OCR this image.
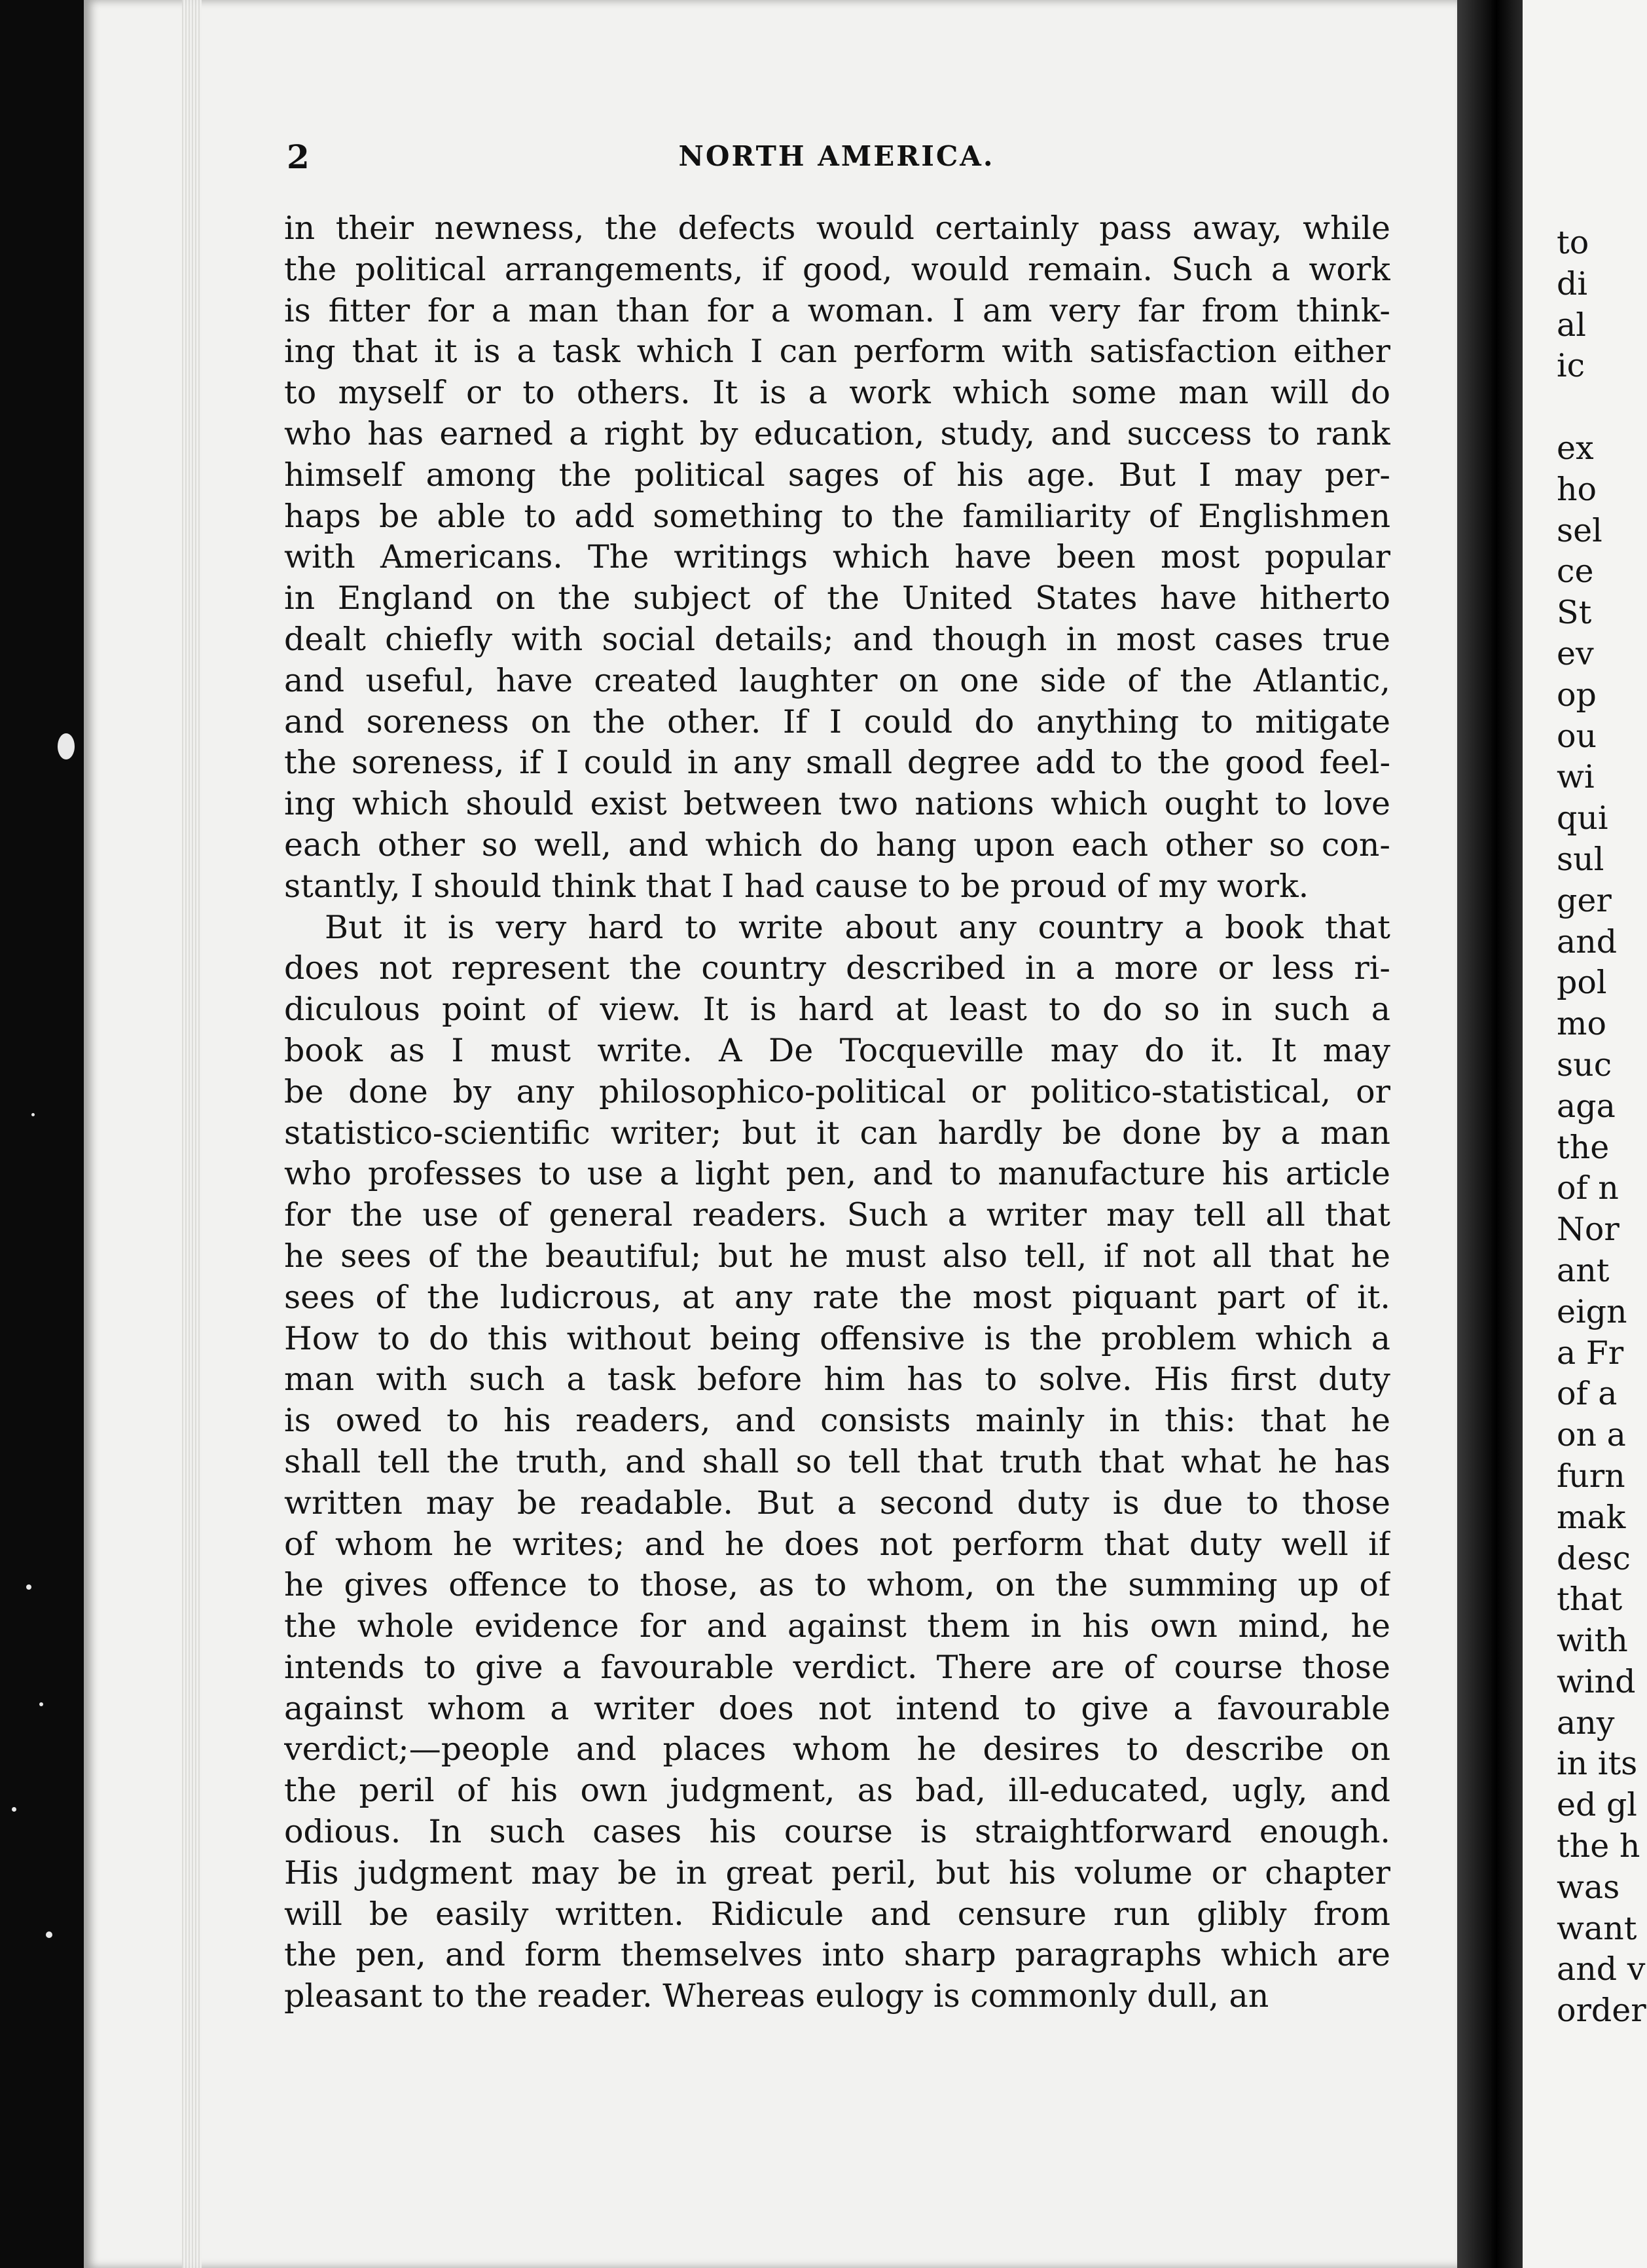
2	NORTH AMERICA.
in their newness, the defects would certainly pass away, while
the political arrangements, if good, would remain. Such a work
is fitter for a man than for a woman. I am very far from think-
ing that it is a task which I can perform with satisfaction either
to myself or to others. It is a work which some man will do
who has earned a right by education, study, and success to rank
himself among the political sages of his age. But I may per-
haps be able to add something to the familiarity of Englishmen
with Americans. The writings which have been most popular
in England on the subject of the United States have hitherto
dealt chiefly with social details; and though in most cases true
and useful, have created laughter on one side of the Atlantic,
and soreness on the other. If I could do anything to mitigate
the soreness, if I could in any small degree add to the good feel-
ing which should exist between two nations which ought to love
each other so well, and which do hang upon each other so con-
stantly, I should think that I had cause to be proud of my work.
But it is very hard to write about any country a book that
does not represent the country described in a more or less ri-
diculous point of view. It is hard at least to do so in such a
book as I must write. A De Tocqueville may do it. It may
be done by any philosophico-political or politico-statistical, or
statistico-scientific writer; but it can hardly be done by a man
who professes to use a light pen, and to manufacture his article
for the use of general readers. Such a writer may tell all that
he sees of the beautiful; but he must also tell, if not all that he
sees of the ludicrous, at any rate the most piquant part of it.
How to do this without being offensive is the problem which a
man with such a task before him has to solve. His first duty
is owed to his readers, and consists mainly in this: that he
shall tell the truth, and shall so tell that truth that what he has
written may be readable. But a second duty is due to those
of whom he writes; and he does not perform that duty well if
he gives offence to those, as to whom, on the summing up of
the whole evidence for and against them in his own mind, he
intends to give a favourable verdict. There are of course those
against whom a writer does not intend to give a favourable
verdict;—people and places whom he desires to describe on
the peril of his own judgment, as bad, ill-educated, ugly, and
odious. In such cases his course is straightforward enough.
His judgment may be in great peril, but his volume or chapter
will be easily written. Ridicule and censure run glibly from
the pen, and form themselves into sharp paragraphs which are
pleasant to the reader. Whereas eulogy is commonly dull, an
to
di
al
ic
ex
ho
sel
ce
St
ev
op
ou
wi
qui
sul
ger
and
pol
mo
suc
aga
the
of n
Nor
ant
eign
a Fr
of a
on a
furn
mak
desc
that
with
wind
any
in its
ed gl
the h
was
want
and v
order
